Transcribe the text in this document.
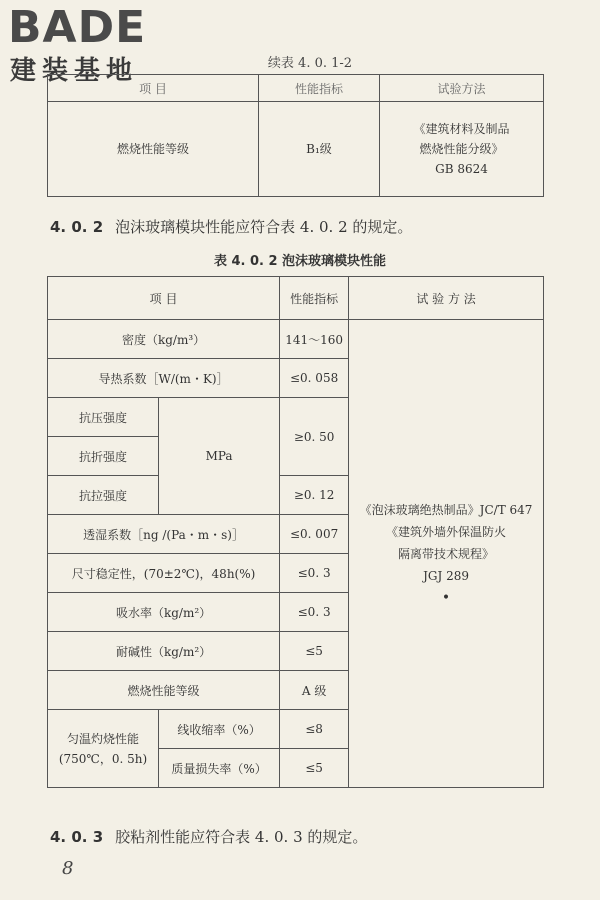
BADE
建装基地	续表 4. 0. 1-2
项 目	性能指标	试验方法
燃烧性能等级	B₁级	《建筑材料及制品
燃烧性能分级》
GB 8624
4. 0. 2 泡沫玻璃模块性能应符合表 4. 0. 2 的规定。
表 4. 0. 2 泡沫玻璃模块性能
项 目		性能指标	试 验 方 法
密度（kg/m³）		141～160	《泡沫玻璃绝热制品》JC/T 647
《建筑外墙外保温防火
隔离带技术规程》
JGJ 289
•

导热系数［W/(m・K)］		≤0. 058	
抗压强度	MPa	≥0. 50	
抗折强度			
抗拉强度		≥0. 12	
透湿系数［ng /(Pa・m・s)］		≤0. 007	
尺寸稳定性，(70±2℃)，48h(%)		≤0. 3	
吸水率（kg/m²）		≤0. 3	
耐碱性（kg/m²）		≤5	
燃烧性能等级		A 级	

匀温灼烧性能
(750℃，0. 5h)	线收缩率（%）	≤8	
	质量损失率（%）	≤5	
4. 0. 3 胶粘剂性能应符合表 4. 0. 3 的规定。
8
